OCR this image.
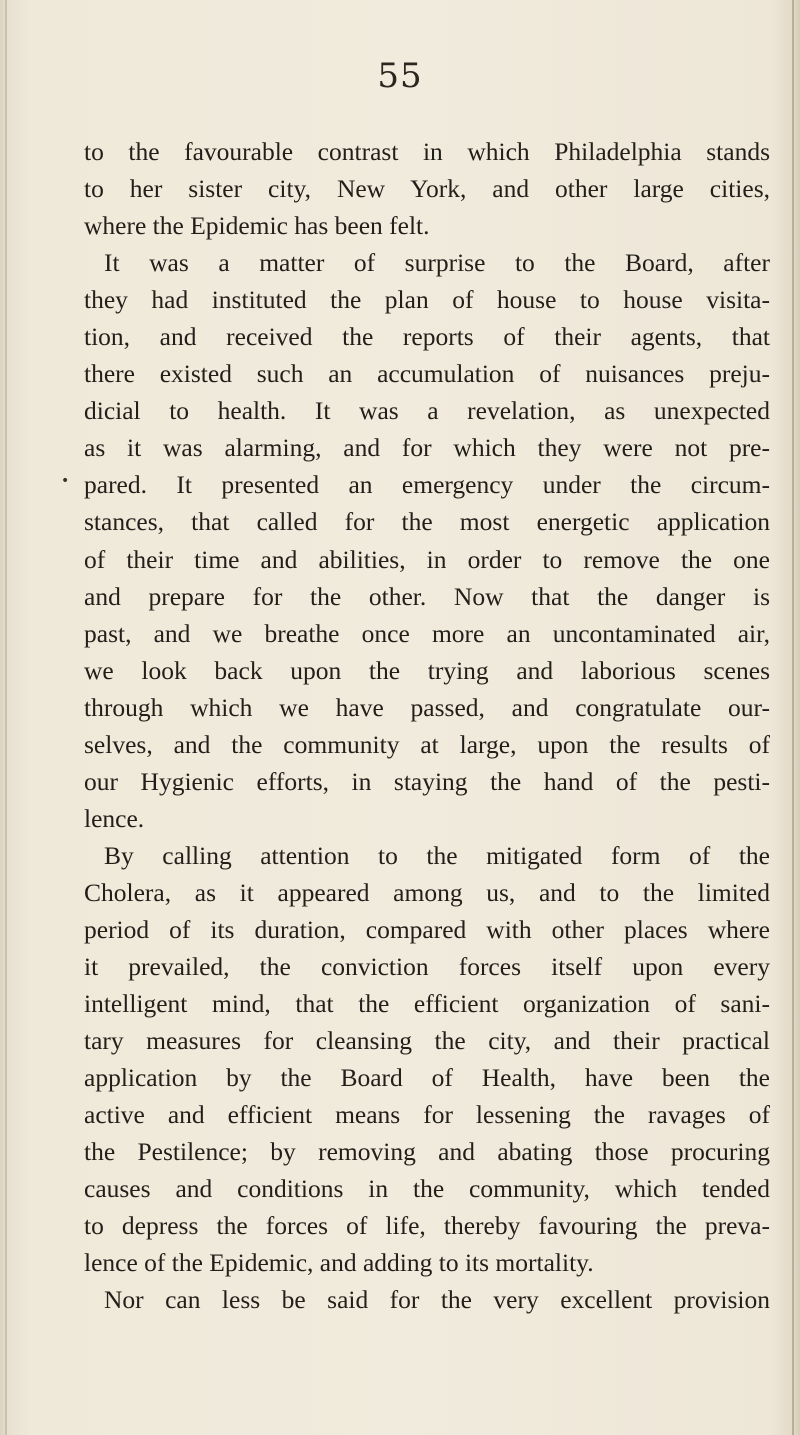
55
•
to the favourable contrast in which Philadelphia stands
to her sister city, New York, and other large cities,
where the Epidemic has been felt.
It was a matter of surprise to the Board, after
they had instituted the plan of house to house visita-
tion, and received the reports of their agents, that
there existed such an accumulation of nuisances preju-
dicial to health. It was a revelation, as unexpected
as it was alarming, and for which they were not pre-
pared. It presented an emergency under the circum-
stances, that called for the most energetic application
of their time and abilities, in order to remove the one
and prepare for the other. Now that the danger is
past, and we breathe once more an uncontaminated air,
we look back upon the trying and laborious scenes
through which we have passed, and congratulate our-
selves, and the community at large, upon the results of
our Hygienic efforts, in staying the hand of the pesti-
lence.
By calling attention to the mitigated form of the
Cholera, as it appeared among us, and to the limited
period of its duration, compared with other places where
it prevailed, the conviction forces itself upon every
intelligent mind, that the efficient organization of sani-
tary measures for cleansing the city, and their practical
application by the Board of Health, have been the
active and efficient means for lessening the ravages of
the Pestilence; by removing and abating those procuring
causes and conditions in the community, which tended
to depress the forces of life, thereby favouring the preva-
lence of the Epidemic, and adding to its mortality.
Nor can less be said for the very excellent provision
